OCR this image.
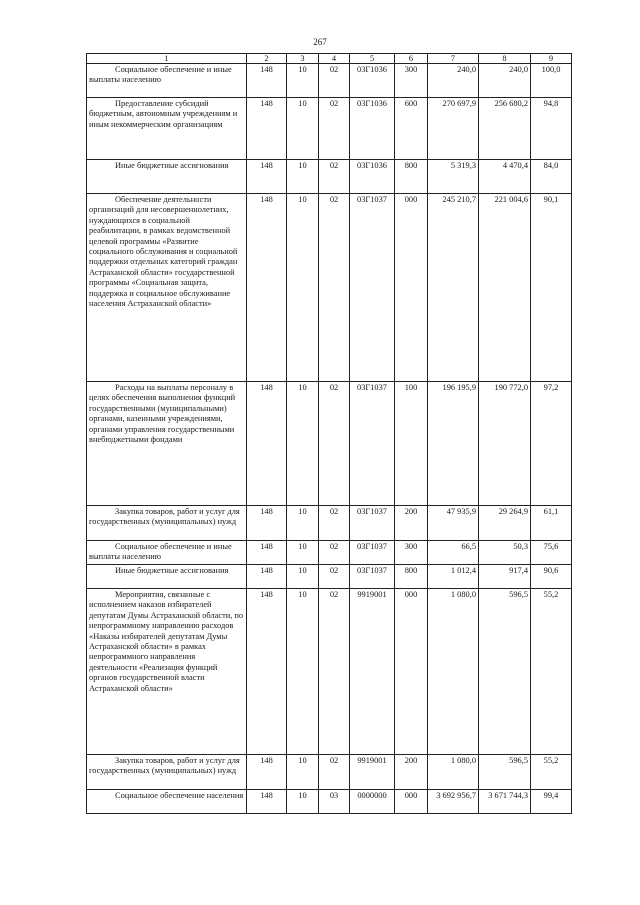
267
1	2	3	4	5	6	7	8	9
Социальное обеспечение и иные выплаты населению	148	10	02	03Г1036	300	240,0	240,0	100,0
Предоставление субсидий бюджетным, автономным учреждениям и иным некоммерческим организациям	148	10	02	03Г1036	600	270 697,9	256 680,2	94,8
Иные бюджетные ассигнования	148	10	02	03Г1036	800	5 319,3	4 470,4	84,0
Обеспечение деятельности организаций для несовершеннолетних, нуждающихся в социальной реабилитации, в рамках ведомственной целевой программы «Развитие социального обслуживания и социальной поддержки отдельных категорий граждан Астраханской области» государственной программы «Социальная защита, поддержка и социальное обслуживание населения Астраханской области»	148	10	02	03Г1037	000	245 210,7	221 004,6	90,1
Расходы на выплаты персоналу в целях обеспечения выполнения функций государственными (муниципальными) органами, казенными учреждениями, органами управления государственными внебюджетными фондами	148	10	02	03Г1037	100	196 195,9	190 772,0	97,2
Закупка товаров, работ и услуг для государственных (муниципальных) нужд	148	10	02	03Г1037	200	47 935,9	29 264,9	61,1
Социальное обеспечение и иные выплаты населению	148	10	02	03Г1037	300	66,5	50,3	75,6
Иные бюджетные ассигнования	148	10	02	03Г1037	800	1 012,4	917,4	90,6
Мероприятия, связанные с исполнением наказов избирателей депутатам Думы Астраханской области, по непрограммному направлению расходов «Наказы избирателей депутатам Думы Астраханской области» в рамках непрограммного направления деятельности «Реализация функций органов государственной власти Астраханской области»	148	10	02	9919001	000	1 080,0	596,5	55,2
Закупка товаров, работ и услуг для государственных (муниципальных) нужд	148	10	02	9919001	200	1 080,0	596,5	55,2
Социальное обеспечение населения	148	10	03	0000000	000	3 692 956,7	3 671 744,3	99,4
